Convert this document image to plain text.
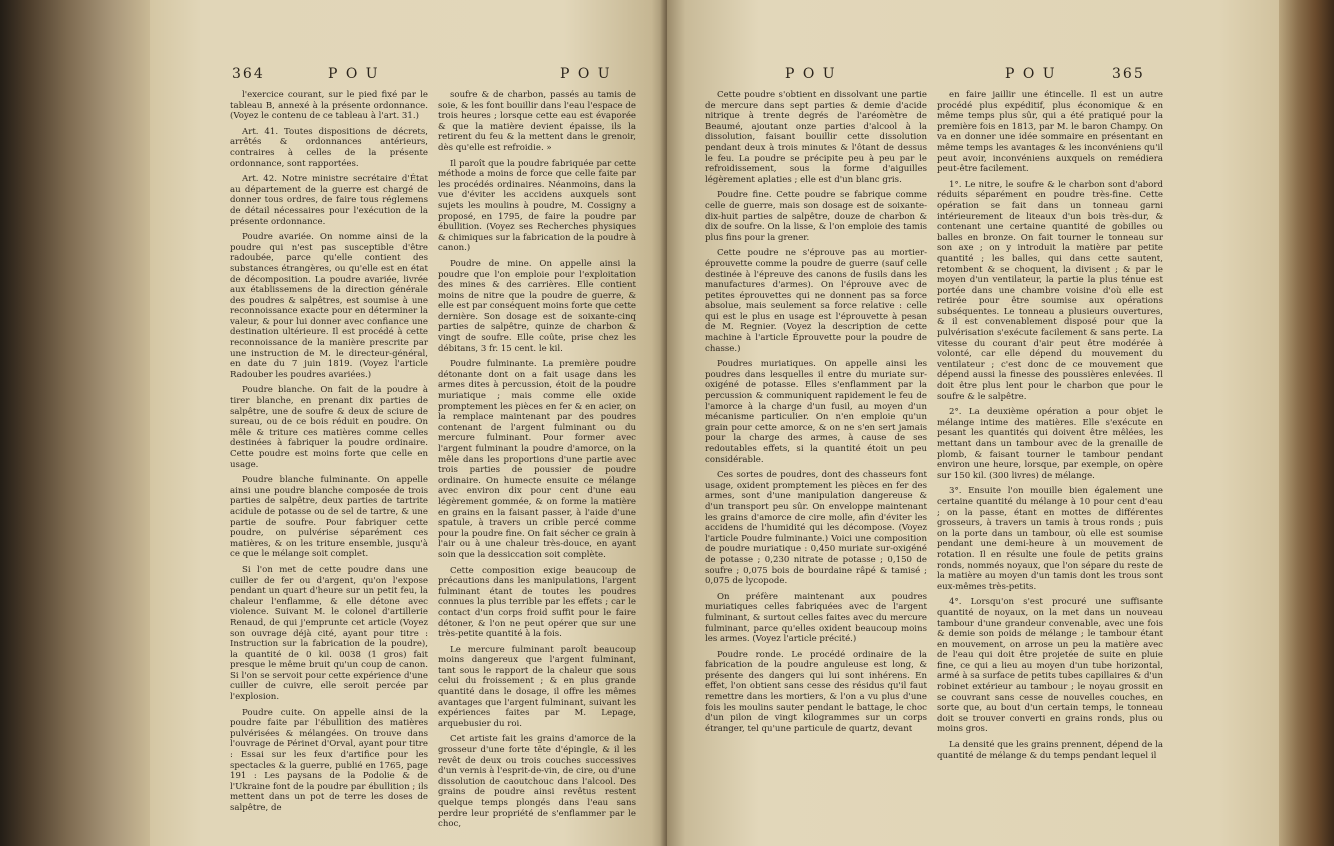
364	P O U	P O U

l'exercice courant, sur le pied fixé par le tableau B, annexé à la présente ordonnance. (Voyez le contenu de ce tableau à l'art. 31.)

Art. 41. Toutes dispositions de décrets, arrêtés & ordonnances antérieurs, contraires à celles de la présente ordonnance, sont rapportées.

Art. 42. Notre ministre secrétaire d'État au département de la guerre est chargé de donner tous ordres, de faire tous réglemens de détail nécessaires pour l'exécution de la présente ordonnance.

Poudre avariée. On nomme ainsi de la poudre qui n'est pas susceptible d'être radoubée, parce qu'elle contient des substances étrangères, ou qu'elle est en état de décomposition. La poudre avariée, livrée aux établissemens de la direction générale des poudres & salpêtres, est soumise à une reconnoissance exacte pour en déterminer la valeur, & pour lui donner avec confiance une destination ultérieure. Il est procédé à cette reconnoissance de la manière prescrite par une instruction de M. le directeur-général, en date du 7 juin 1819. (Voyez l'article Radouber les poudres avariées.)

Poudre blanche. On fait de la poudre à tirer blanche, en prenant dix parties de salpêtre, une de soufre & deux de sciure de sureau, ou de ce bois réduit en poudre. On mêle & triture ces matières comme celles destinées à fabriquer la poudre ordinaire. Cette poudre est moins forte que celle en usage.

Poudre blanche fulminante. On appelle ainsi une poudre blanche composée de trois parties de salpêtre, deux parties de tartrite acidule de potasse ou de sel de tartre, & une partie de soufre. Pour fabriquer cette poudre, on pulvérise séparément ces matières, & on les triture ensemble, jusqu'à ce que le mélange soit complet.

Si l'on met de cette poudre dans une cuiller de fer ou d'argent, qu'on l'expose pendant un quart d'heure sur un petit feu, la chaleur l'enflamme, & elle détone avec violence. Suivant M. le colonel d'artillerie Renaud, de qui j'emprunte cet article (Voyez son ouvrage déjà cité, ayant pour titre : Instruction sur la fabrication de la poudre), la quantité de 0 kil. 0038 (1 gros) fait presque le même bruit qu'un coup de canon. Si l'on se servoit pour cette expérience d'une cuiller de cuivre, elle seroit percée par l'explosion.

Poudre cuite. On appelle ainsi de la poudre faite par l'ébullition des matières pulvérisées & mélangées. On trouve dans l'ouvrage de Périnet d'Orval, ayant pour titre : Essai sur les feux d'artifice pour les spectacles & la guerre, publié en 1765, page 191 : Les paysans de la Podolie & de l'Ukraine font de la poudre par ébullition ; ils mettent dans un pot de terre les doses de salpêtre, de

soufre & de charbon, passés au tamis de soie, & les font bouillir dans l'eau l'espace de trois heures ; lorsque cette eau est évaporée & que la matière devient épaisse, ils la retirent du feu & la mettent dans le grenoir, dès qu'elle est refroidie. »

Il paroît que la poudre fabriquée par cette méthode a moins de force que celle faite par les procédés ordinaires. Néanmoins, dans la vue d'éviter les accidens auxquels sont sujets les moulins à poudre, M. Cossigny a proposé, en 1795, de faire la poudre par ébullition. (Voyez ses Recherches physiques & chimiques sur la fabrication de la poudre à canon.)

Poudre de mine. On appelle ainsi la poudre que l'on emploie pour l'exploitation des mines & des carrières. Elle contient moins de nitre que la poudre de guerre, & elle est par conséquent moins forte que cette dernière. Son dosage est de soixante-cinq parties de salpêtre, quinze de charbon & vingt de soufre. Elle coûte, prise chez les débitans, 3 fr. 15 cent. le kil.

Poudre fulminante. La première poudre détonante dont on a fait usage dans les armes dites à percussion, étoit de la poudre muriatique ; mais comme elle oxide promptement les pièces en fer & en acier, on la remplace maintenant par des poudres contenant de l'argent fulminant ou du mercure fulminant. Pour former avec l'argent fulminant la poudre d'amorce, on la mêle dans les proportions d'une partie avec trois parties de poussier de poudre ordinaire. On humecte ensuite ce mélange avec environ dix pour cent d'une eau légèrement gommée, & on forme la matière en grains en la faisant passer, à l'aide d'une spatule, à travers un crible percé comme pour la poudre fine. On fait sécher ce grain à l'air ou à une chaleur très-douce, en ayant soin que la dessiccation soit complète.

Cette composition exige beaucoup de précautions dans les manipulations, l'argent fulminant étant de toutes les poudres connues la plus terrible par les effets ; car le contact d'un corps froid suffit pour le faire détoner, & l'on ne peut opérer que sur une très-petite quantité à la fois.

Le mercure fulminant paroît beaucoup moins dangereux que l'argent fulminant, tant sous le rapport de la chaleur que sous celui du froissement ; & en plus grande quantité dans le dosage, il offre les mêmes avantages que l'argent fulminant, suivant les expériences faites par M. Lepage, arquebusier du roi.

Cet artiste fait les grains d'amorce de la grosseur d'une forte tête d'épingle, & il les revêt de deux ou trois couches successives d'un vernis à l'esprit-de-vin, de cire, ou d'une dissolution de caoutchouc dans l'alcool. Des grains de poudre ainsi revêtus restent quelque temps plongés dans l'eau sans perdre leur propriété de s'enflammer par le choc,

P O U	P O U	365

Cette poudre s'obtient en dissolvant une partie de mercure dans sept parties & demie d'acide nitrique à trente degrés de l'aréomètre de Beaumé, ajoutant onze parties d'alcool à la dissolution, faisant bouillir cette dissolution pendant deux à trois minutes & l'ôtant de dessus le feu. La poudre se précipite peu à peu par le refroidissement, sous la forme d'aiguilles légèrement aplaties ; elle est d'un blanc gris.

Poudre fine. Cette poudre se fabrique comme celle de guerre, mais son dosage est de soixante-dix-huit parties de salpêtre, douze de charbon & dix de soufre. On la lisse, & l'on emploie des tamis plus fins pour la grener.

Cette poudre ne s'éprouve pas au mortier-éprouvette comme la poudre de guerre (sauf celle destinée à l'épreuve des canons de fusils dans les manufactures d'armes). On l'éprouve avec de petites éprouvettes qui ne donnent pas sa force absolue, mais seulement sa force relative : celle qui est le plus en usage est l'éprouvette à pesan de M. Regnier. (Voyez la description de cette machine à l'article Éprouvette pour la poudre de chasse.)

Poudres muriatiques. On appelle ainsi les poudres dans lesquelles il entre du muriate sur-oxigéné de potasse. Elles s'enflamment par la percussion & communiquent rapidement le feu de l'amorce à la charge d'un fusil, au moyen d'un mécanisme particulier. On n'en emploie qu'un grain pour cette amorce, & on ne s'en sert jamais pour la charge des armes, à cause de ses redoutables effets, si la quantité étoit un peu considérable.

Ces sortes de poudres, dont des chasseurs font usage, oxident promptement les pièces en fer des armes, sont d'une manipulation dangereuse & d'un transport peu sûr. On enveloppe maintenant les grains d'amorce de cire molle, afin d'éviter les accidens de l'humidité qui les décompose. (Voyez l'article Poudre fulminante.) Voici une composition de poudre muriatique : 0,450 muriate sur-oxigéné de potasse ; 0,230 nitrate de potasse ; 0,150 de soufre ; 0,075 bois de bourdaine râpé & tamisé ; 0,075 de lycopode.

On préfère maintenant aux poudres muriatiques celles fabriquées avec de l'argent fulminant, & surtout celles faites avec du mercure fulminant, parce qu'elles oxident beaucoup moins les armes. (Voyez l'article précité.)

Poudre ronde. Le procédé ordinaire de la fabrication de la poudre anguleuse est long, & présente des dangers qui lui sont inhérens. En effet, l'on obtient sans cesse des résidus qu'il faut remettre dans les mortiers, & l'on a vu plus d'une fois les moulins sauter pendant le battage, le choc d'un pilon de vingt kilogrammes sur un corps étranger, tel qu'une particule de quartz, devant

en faire jaillir une étincelle. Il est un autre procédé plus expéditif, plus économique & en même temps plus sûr, qui a été pratiqué pour la première fois en 1813, par M. le baron Champy. On va en donner une idée sommaire en présentant en même temps les avantages & les inconvéniens qu'il peut avoir, inconvéniens auxquels on remédiera peut-être facilement.

1°. Le nitre, le soufre & le charbon sont d'abord réduits séparément en poudre très-fine. Cette opération se fait dans un tonneau garni intérieurement de liteaux d'un bois très-dur, & contenant une certaine quantité de gobilles ou balles en bronze. On fait tourner le tonneau sur son axe ; on y introduit la matière par petite quantité ; les balles, qui dans cette sautent, retombent & se choquent, la divisent ; & par le moyen d'un ventilateur, la partie la plus ténue est portée dans une chambre voisine d'où elle est retirée pour être soumise aux opérations subséquentes. Le tonneau a plusieurs ouvertures, & il est convenablement disposé pour que la pulvérisation s'exécute facilement & sans perte. La vitesse du courant d'air peut être modérée à volonté, car elle dépend du mouvement du ventilateur ; c'est donc de ce mouvement que dépend aussi la finesse des poussières enlevées. Il doit être plus lent pour le charbon que pour le soufre & le salpêtre.

2°. La deuxième opération a pour objet le mélange intime des matières. Elle s'exécute en pesant les quantités qui doivent être mêlées, les mettant dans un tambour avec de la grenaille de plomb, & faisant tourner le tambour pendant environ une heure, lorsque, par exemple, on opère sur 150 kil. (300 livres) de mélange.

3°. Ensuite l'on mouille bien également une certaine quantité du mélange à 10 pour cent d'eau ; on la passe, étant en mottes de différentes grosseurs, à travers un tamis à trous ronds ; puis on la porte dans un tambour, où elle est soumise pendant une demi-heure à un mouvement de rotation. Il en résulte une foule de petits grains ronds, nommés noyaux, que l'on sépare du reste de la matière au moyen d'un tamis dont les trous sont eux-mêmes très-petits.

4°. Lorsqu'on s'est procuré une suffisante quantité de noyaux, on la met dans un nouveau tambour d'une grandeur convenable, avec une fois & demie son poids de mélange ; le tambour étant en mouvement, on arrose un peu la matière avec de l'eau qui doit être projetée de suite en pluie fine, ce qui a lieu au moyen d'un tube horizontal, armé à sa surface de petits tubes capillaires & d'un robinet extérieur au tambour ; le noyau grossit en se couvrant sans cesse de nouvelles couches, en sorte que, au bout d'un certain temps, le tonneau doit se trouver converti en grains ronds, plus ou moins gros.

La densité que les grains prennent, dépend de la quantité de mélange & du temps pendant lequel il
